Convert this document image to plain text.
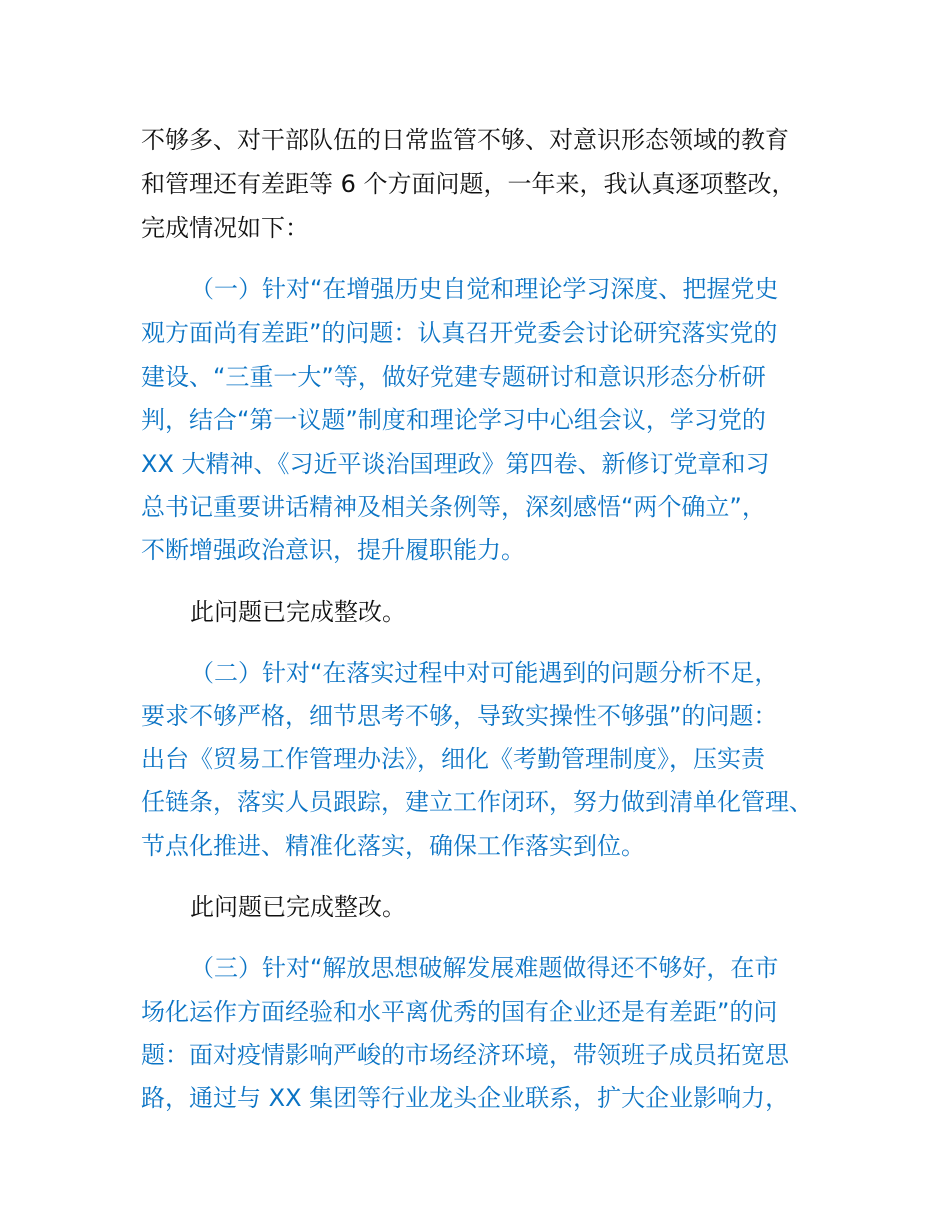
不够多、对干部队伍的日常监管不够、对意识形态领域的教育
和管理还有差距等 6 个方面问题，一年来，我认真逐项整改，
完成情况如下：
（一）针对“在增强历史自觉和理论学习深度、把握党史
观方面尚有差距”的问题：认真召开党委会讨论研究落实党的
建设、“三重一大”等，做好党建专题研讨和意识形态分析研
判，结合“第一议题”制度和理论学习中心组会议，学习党的
XX 大精神、《习近平谈治国理政》第四卷、新修订党章和习
总书记重要讲话精神及相关条例等，深刻感悟“两个确立”，
不断增强政治意识，提升履职能力。
此问题已完成整改。
（二）针对“在落实过程中对可能遇到的问题分析不足，
要求不够严格，细节思考不够，导致实操性不够强”的问题：
出台《贸易工作管理办法》，细化《考勤管理制度》，压实责
任链条，落实人员跟踪，建立工作闭环，努力做到清单化管理、
节点化推进、精准化落实，确保工作落实到位。
此问题已完成整改。
（三）针对“解放思想破解发展难题做得还不够好，在市
场化运作方面经验和水平离优秀的国有企业还是有差距”的问
题：面对疫情影响严峻的市场经济环境，带领班子成员拓宽思
路，通过与 XX 集团等行业龙头企业联系，扩大企业影响力，
